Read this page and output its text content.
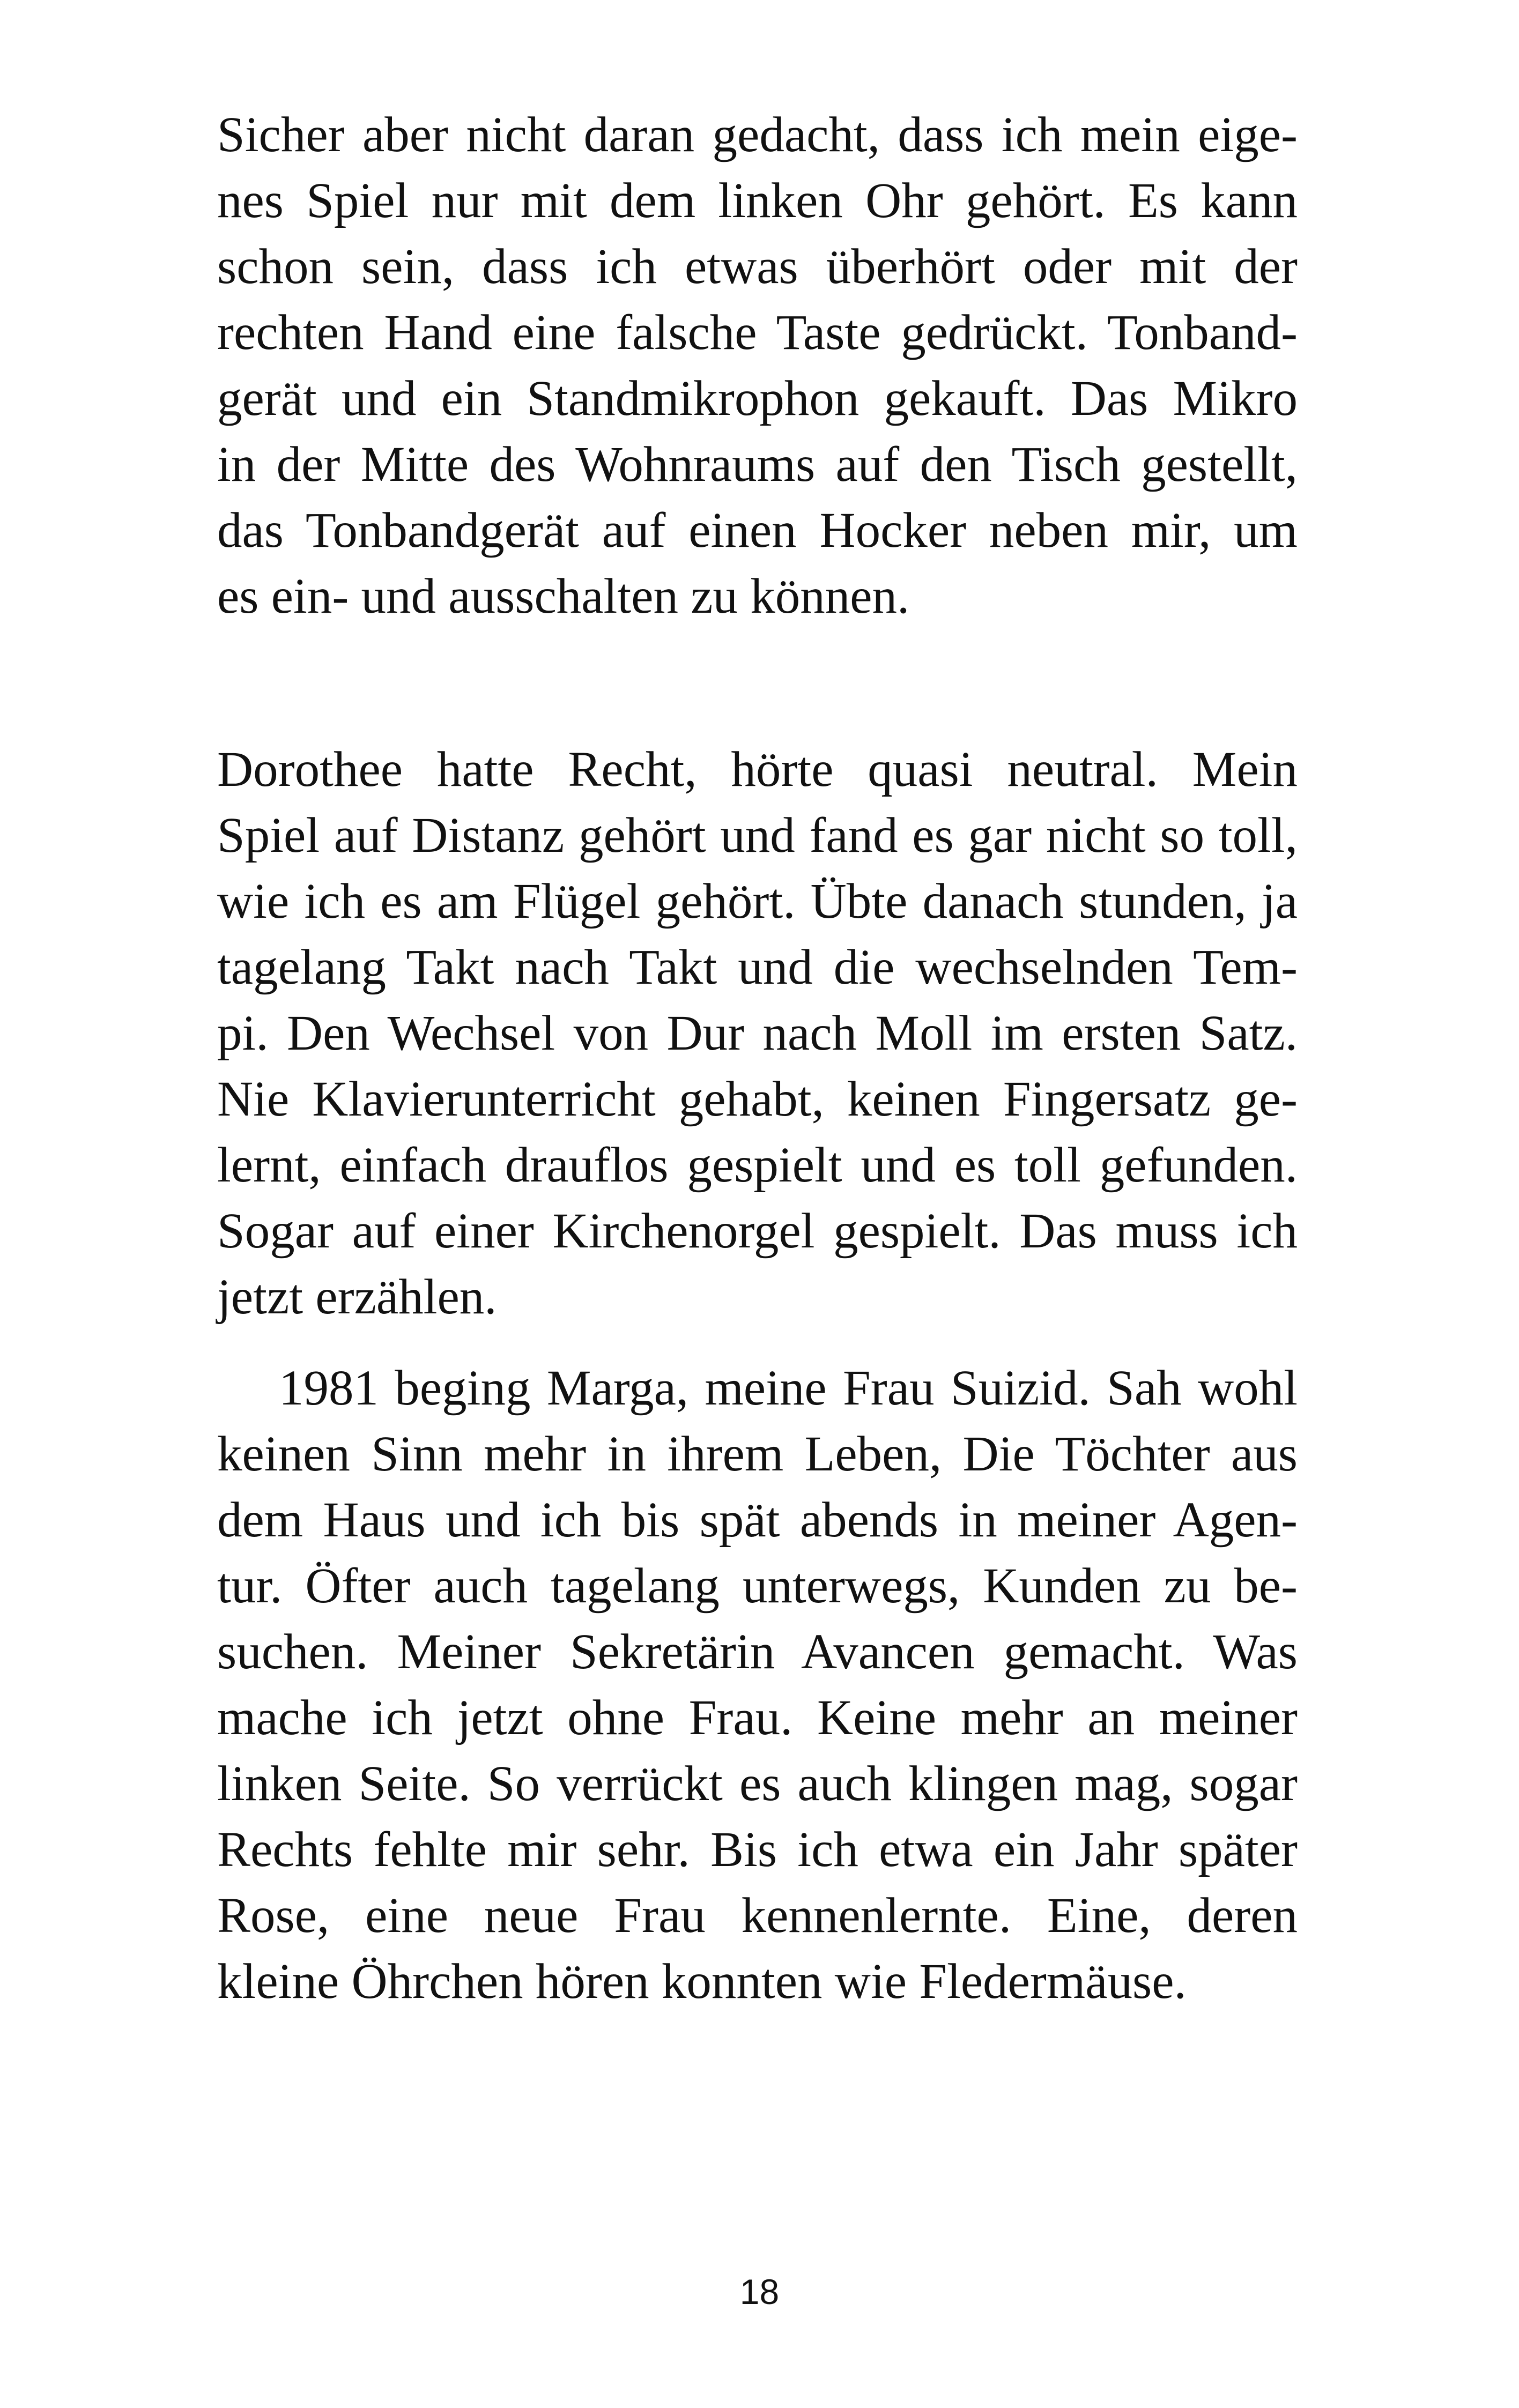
Sicher aber nicht daran gedacht, dass ich mein eige-
nes Spiel nur mit dem linken Ohr gehört. Es kann
schon sein, dass ich etwas überhört oder mit der
rechten Hand eine falsche Taste gedrückt. Tonband-
gerät und ein Standmikrophon gekauft. Das Mikro
in der Mitte des Wohnraums auf den Tisch gestellt,
das Tonbandgerät auf einen Hocker neben mir, um
es ein- und ausschalten zu können.
Dorothee hatte Recht, hörte quasi neutral. Mein
Spiel auf Distanz gehört und fand es gar nicht so toll,
wie ich es am Flügel gehört. Übte danach stunden, ja
tagelang Takt nach Takt und die wechselnden Tem-
pi. Den Wechsel von Dur nach Moll im ersten Satz.
Nie Klavierunterricht gehabt, keinen Fingersatz ge-
lernt, einfach drauflos gespielt und es toll gefunden.
Sogar auf einer Kirchenorgel gespielt. Das muss ich
jetzt erzählen.
1981 beging Marga, meine Frau Suizid. Sah wohl
keinen Sinn mehr in ihrem Leben, Die Töchter aus
dem Haus und ich bis spät abends in meiner Agen-
tur. Öfter auch tagelang unterwegs, Kunden zu be-
suchen. Meiner Sekretärin Avancen gemacht. Was
mache ich jetzt ohne Frau. Keine mehr an meiner
linken Seite. So verrückt es auch klingen mag, sogar
Rechts fehlte mir sehr. Bis ich etwa ein Jahr später
Rose, eine neue Frau kennenlernte. Eine, deren
kleine Öhrchen hören konnten wie Fledermäuse.
18
